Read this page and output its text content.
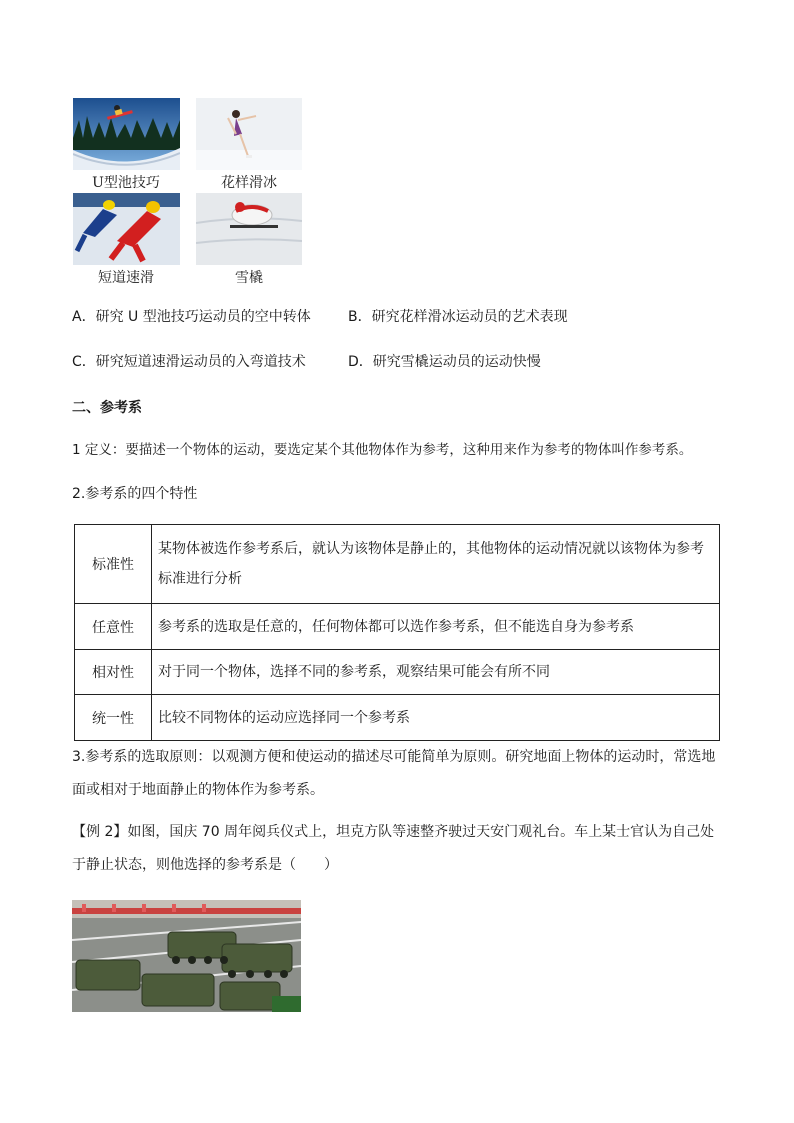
U型池技巧	花样滑冰
短道速滑	雪橇
A．研究 U 型池技巧运动员的空中转体	B．研究花样滑冰运动员的艺术表现
C．研究短道速滑运动员的入弯道技术	D．研究雪橇运动员的运动快慢
二、参考系
1 定义：要描述一个物体的运动，要选定某个其他物体作为参考，这种用来作为参考的物体叫作参考系。
2.参考系的四个特性
标准性	某物体被选作参考系后，就认为该物体是静止的，其他物体的运动情况就以该物体为参考标准进行分析
任意性	参考系的选取是任意的，任何物体都可以选作参考系，但不能选自身为参考系
相对性	对于同一个物体，选择不同的参考系，观察结果可能会有所不同
统一性	比较不同物体的运动应选择同一个参考系
3.参考系的选取原则：以观测方便和使运动的描述尽可能简单为原则。研究地面上物体的运动时，常选地面或相对于地面静止的物体作为参考系。
【例 2】如图，国庆 70 周年阅兵仪式上，坦克方队等速整齐驶过天安门观礼台。车上某士官认为自己处于静止状态，则他选择的参考系是（　　）
